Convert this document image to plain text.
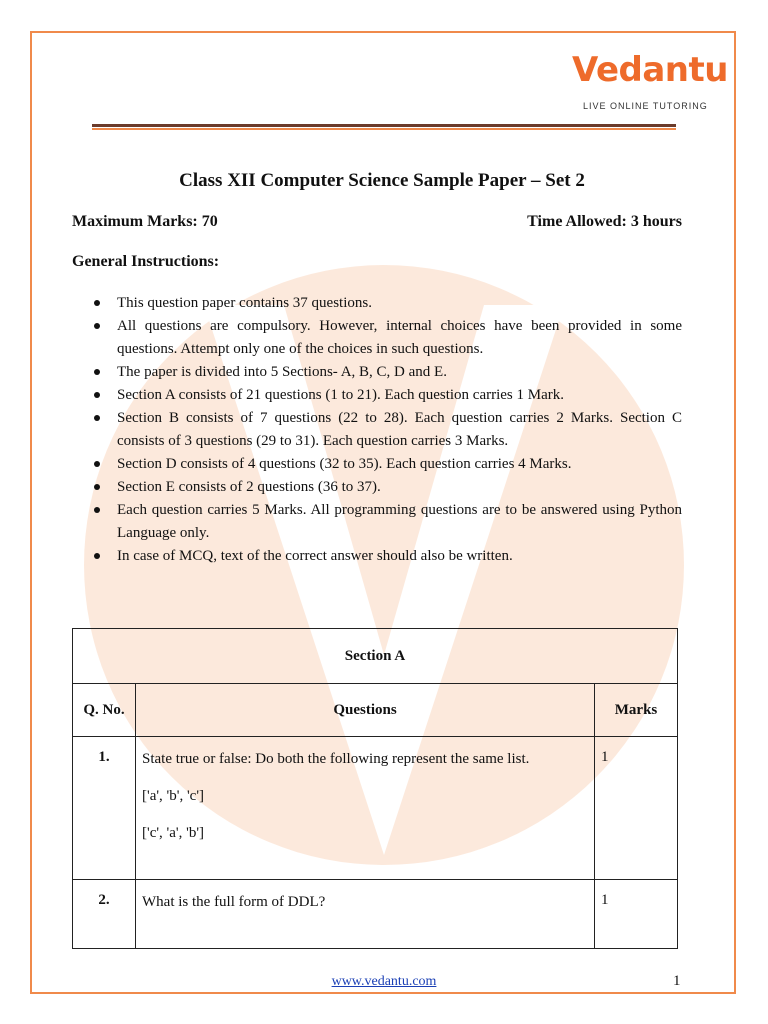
Vedantu
LIVE ONLINE TUTORING
Class XII Computer Science Sample Paper – Set 2
Maximum Marks: 70	Time Allowed: 3 hours
General Instructions:
This question paper contains 37 questions.
All questions are compulsory. However, internal choices have been provided in some questions. Attempt only one of the choices in such questions.
The paper is divided into 5 Sections- A, B, C, D and E.
Section A consists of 21 questions (1 to 21). Each question carries 1 Mark.
Section B consists of 7 questions (22 to 28). Each question carries 2 Marks. Section C consists of 3 questions (29 to 31). Each question carries 3 Marks.
Section D consists of 4 questions (32 to 35). Each question carries 4 Marks.
Section E consists of 2 questions (36 to 37).
Each question carries 5 Marks. All programming questions are to be answered using Python Language only.
In case of MCQ, text of the correct answer should also be written.
Section A		
Q. No.	Questions	Marks
1.	State true or false: Do both the following represent the same list.

['a', 'b', 'c']

['c', 'a', 'b']	1
2.	What is the full form of DDL?	1
www.vedantu.com	1
